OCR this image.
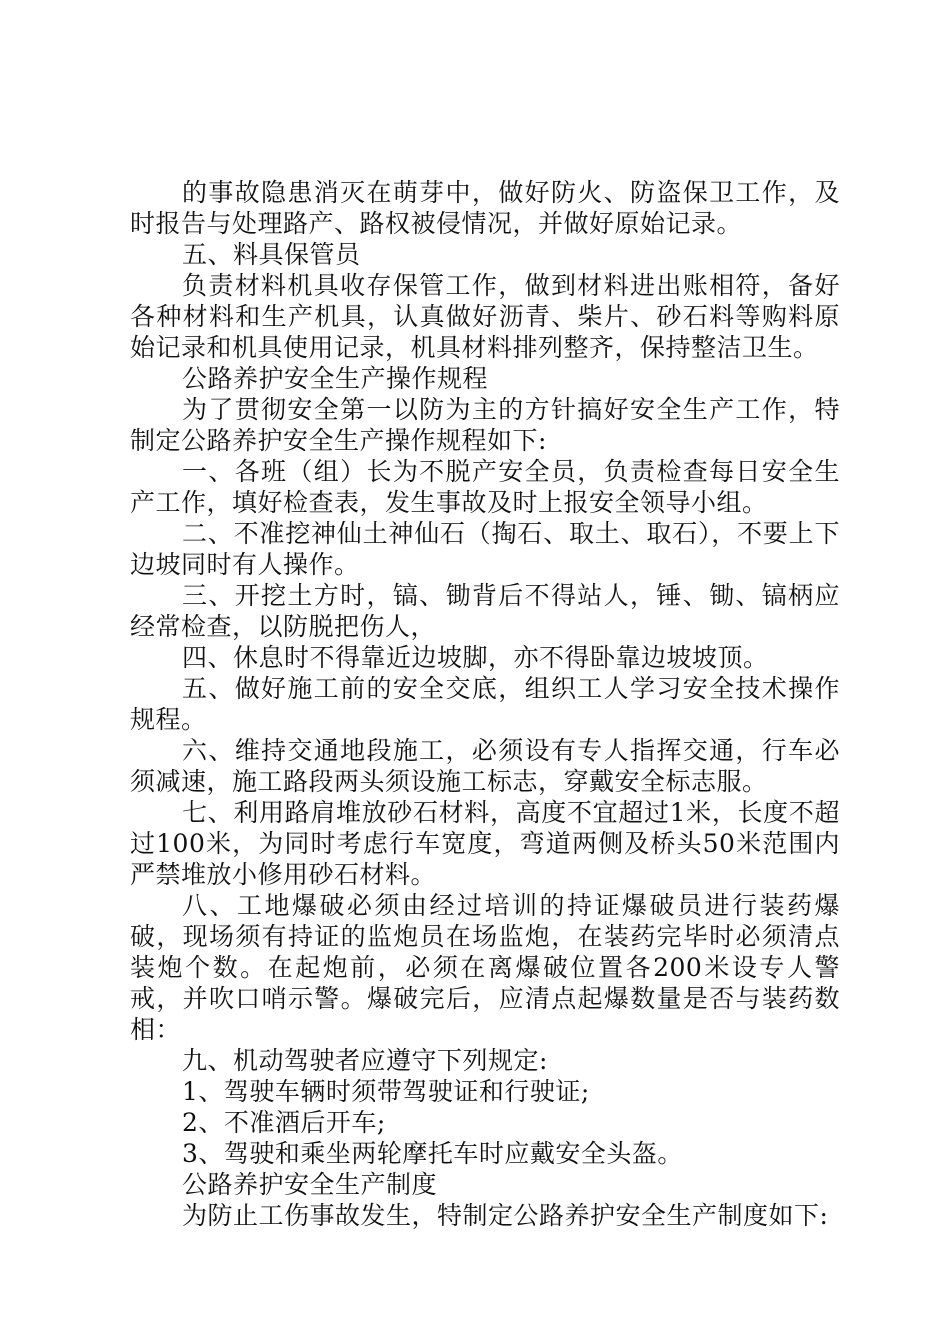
的事故隐患消灭在萌芽中，做好防火、防盗保卫工作，及时报告与处理路产、路权被侵情况，并做好原始记录。

五、料具保管员

负责材料机具收存保管工作，做到材料进出账相符，备好各种材料和生产机具，认真做好沥青、柴片、砂石料等购料原始记录和机具使用记录，机具材料排列整齐，保持整洁卫生。

公路养护安全生产操作规程

为了贯彻安全第一以防为主的方针搞好安全生产工作，特制定公路养护安全生产操作规程如下:

一、各班（组）长为不脱产安全员，负责检查每日安全生产工作，填好检查表，发生事故及时上报安全领导小组。

二、不准挖神仙土神仙石（掏石、取土、取石），不要上下边坡同时有人操作。

三、开挖土方时，镐、锄背后不得站人，锤、锄、镐柄应经常检查，以防脱把伤人，

四、休息时不得靠近边坡脚，亦不得卧靠边坡坡顶。

五、做好施工前的安全交底，组织工人学习安全技术操作规程。

六、维持交通地段施工，必须设有专人指挥交通，行车必须减速，施工路段两头须设施工标志，穿戴安全标志服。

七、利用路肩堆放砂石材料，高度不宜超过1米，长度不超过100米，为同时考虑行车宽度，弯道两侧及桥头50米范围内严禁堆放小修用砂石材料。

八、工地爆破必须由经过培训的持证爆破员进行装药爆破，现场须有持证的监炮员在场监炮，在装药完毕时必须清点装炮个数。在起炮前，必须在离爆破位置各200米设专人警戒，并吹口哨示警。爆破完后，应清点起爆数量是否与装药数相：

九、机动驾驶者应遵守下列规定:

1、驾驶车辆时须带驾驶证和行驶证;

2、不准酒后开车;

3、驾驶和乘坐两轮摩托车时应戴安全头盔。

公路养护安全生产制度

为防止工伤事故发生，特制定公路养护安全生产制度如下:
